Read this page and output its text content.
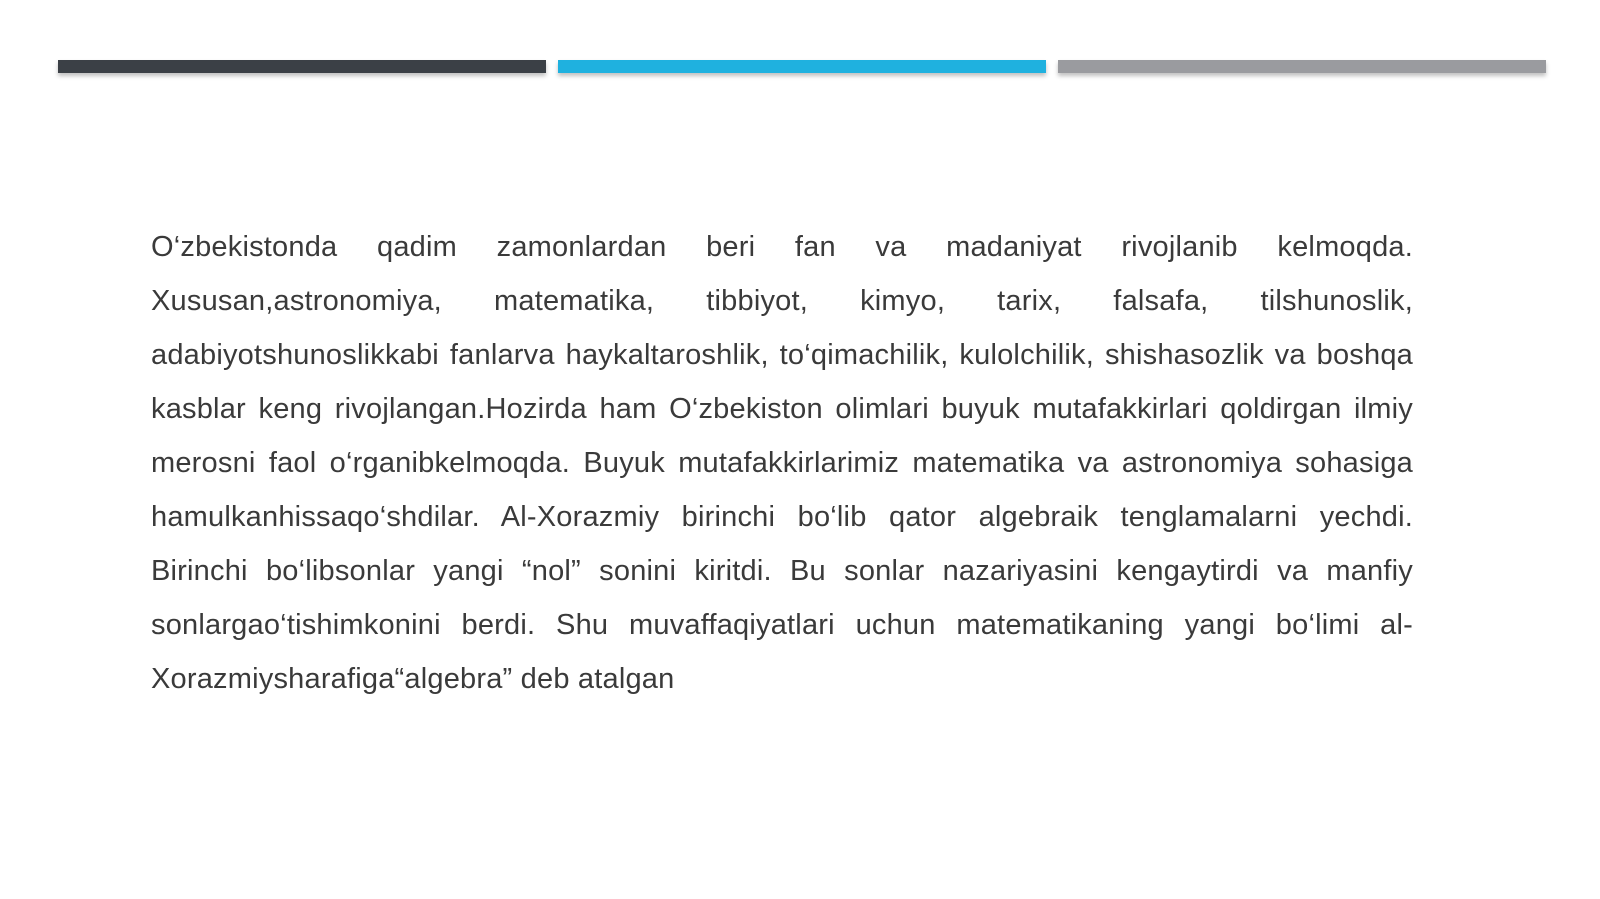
O‘zbekistonda qadim zamonlardan beri fan va madaniyat rivojlanib kelmoqda. Xususan,astronomiya, matematika, tibbiyot, kimyo, tarix, falsafa, tilshunoslik, adabiyotshunoslikkabi fanlarva haykaltaroshlik, to‘qimachilik, kulolchilik, shishasozlik va boshqa kasblar keng rivojlangan.Hozirda ham O‘zbekiston olimlari buyuk mutafakkirlari qoldirgan ilmiy merosni faol o‘rganibkelmoqda. Buyuk mutafakkirlarimiz matematika va astronomiya sohasiga hamulkanhissaqo‘shdilar. Al-Xorazmiy birinchi bo‘lib qator algebraik tenglamalarni yechdi. Birinchi bo‘libsonlar yangi “nol” sonini kiritdi. Bu sonlar nazariyasini kengaytirdi va manfiy sonlargao‘tishimkonini berdi. Shu muvaffaqiyatlari uchun matematikaning yangi bo‘limi al-Xorazmiysharafiga“algebra” deb atalgan
